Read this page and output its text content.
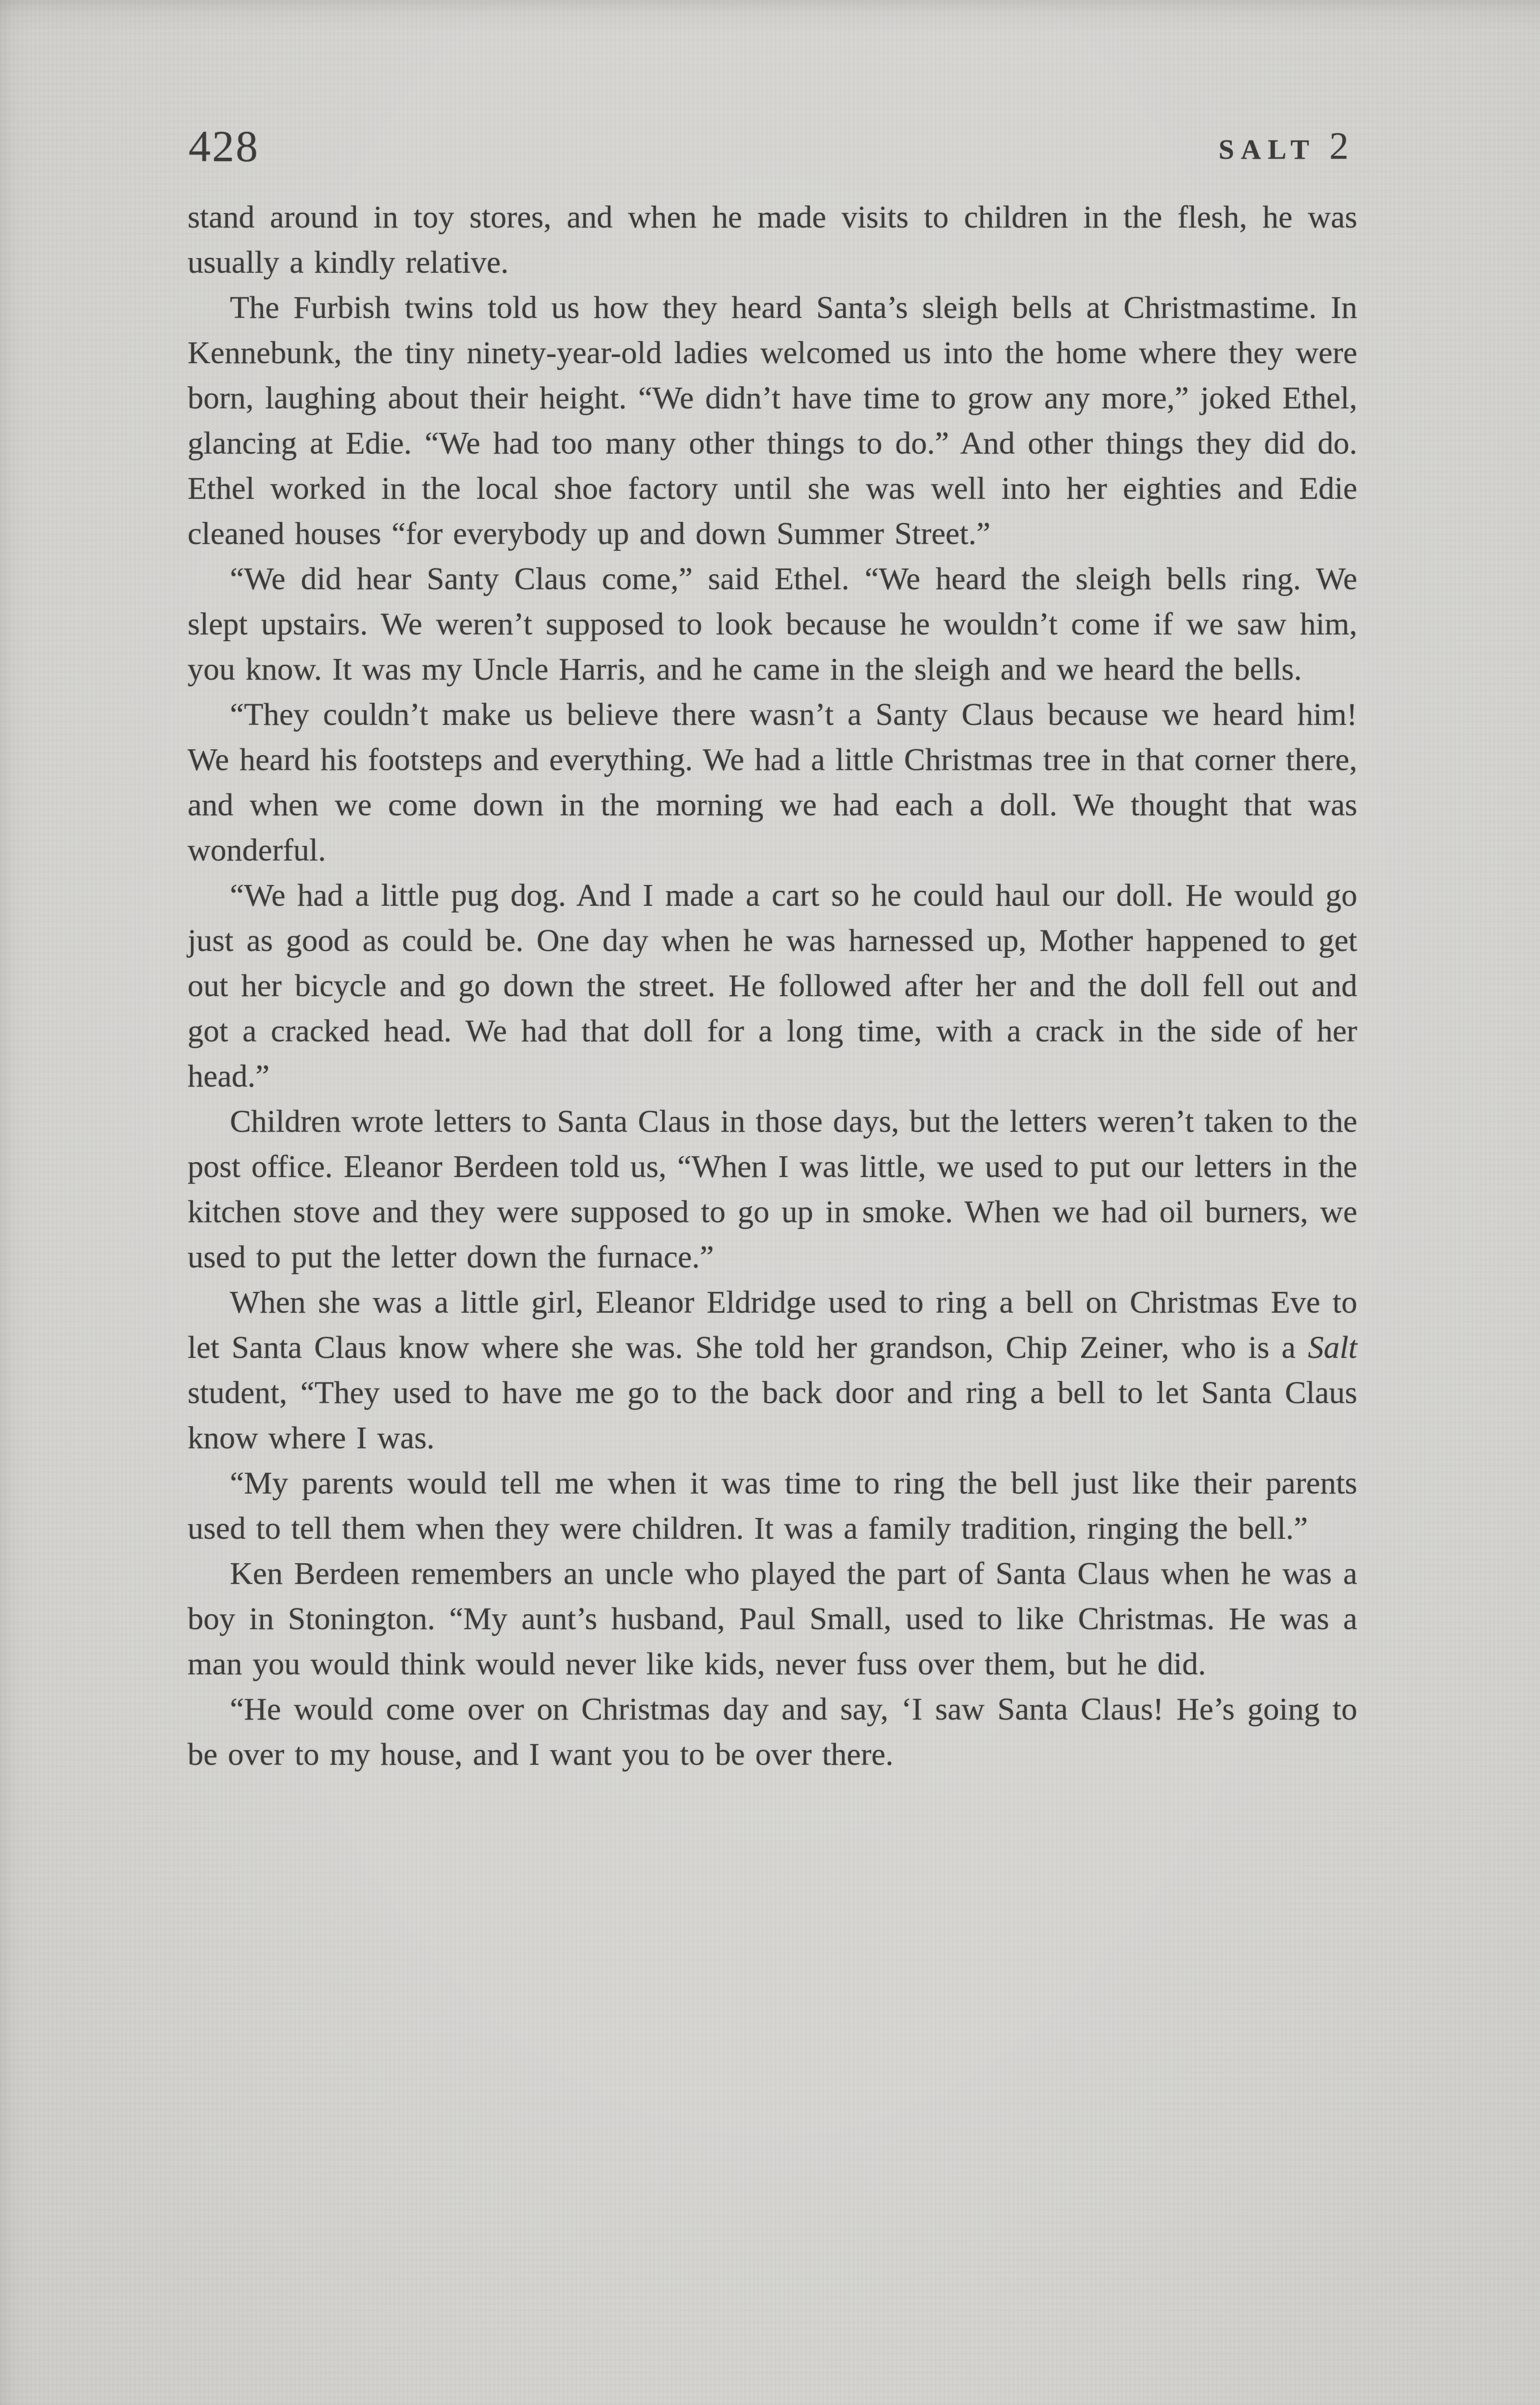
428	SALT 2

stand around in toy stores, and when he made visits to children in the flesh, he was usually a kindly relative.

The Furbish twins told us how they heard Santa’s sleigh bells at Christmastime. In Kennebunk, the tiny ninety-year-old ladies welcomed us into the home where they were born, laughing about their height. “We didn’t have time to grow any more,” joked Ethel, glancing at Edie. “We had too many other things to do.” And other things they did do. Ethel worked in the local shoe factory until she was well into her eighties and Edie cleaned houses “for everybody up and down Summer Street.”

“We did hear Santy Claus come,” said Ethel. “We heard the sleigh bells ring. We slept upstairs. We weren’t supposed to look because he wouldn’t come if we saw him, you know. It was my Uncle Harris, and he came in the sleigh and we heard the bells.

“They couldn’t make us believe there wasn’t a Santy Claus because we heard him! We heard his footsteps and everything. We had a little Christmas tree in that corner there, and when we come down in the morning we had each a doll. We thought that was wonderful.

“We had a little pug dog. And I made a cart so he could haul our doll. He would go just as good as could be. One day when he was harnessed up, Mother happened to get out her bicycle and go down the street. He followed after her and the doll fell out and got a cracked head. We had that doll for a long time, with a crack in the side of her head.”

Children wrote letters to Santa Claus in those days, but the letters weren’t taken to the post office. Eleanor Berdeen told us, “When I was little, we used to put our letters in the kitchen stove and they were supposed to go up in smoke. When we had oil burners, we used to put the letter down the furnace.”

When she was a little girl, Eleanor Eldridge used to ring a bell on Christmas Eve to let Santa Claus know where she was. She told her grandson, Chip Zeiner, who is a Salt student, “They used to have me go to the back door and ring a bell to let Santa Claus know where I was.

“My parents would tell me when it was time to ring the bell just like their parents used to tell them when they were children. It was a family tradition, ringing the bell.”

Ken Berdeen remembers an uncle who played the part of Santa Claus when he was a boy in Stonington. “My aunt’s husband, Paul Small, used to like Christmas. He was a man you would think would never like kids, never fuss over them, but he did.

“He would come over on Christmas day and say, ‘I saw Santa Claus! He’s going to be over to my house, and I want you to be over there.
